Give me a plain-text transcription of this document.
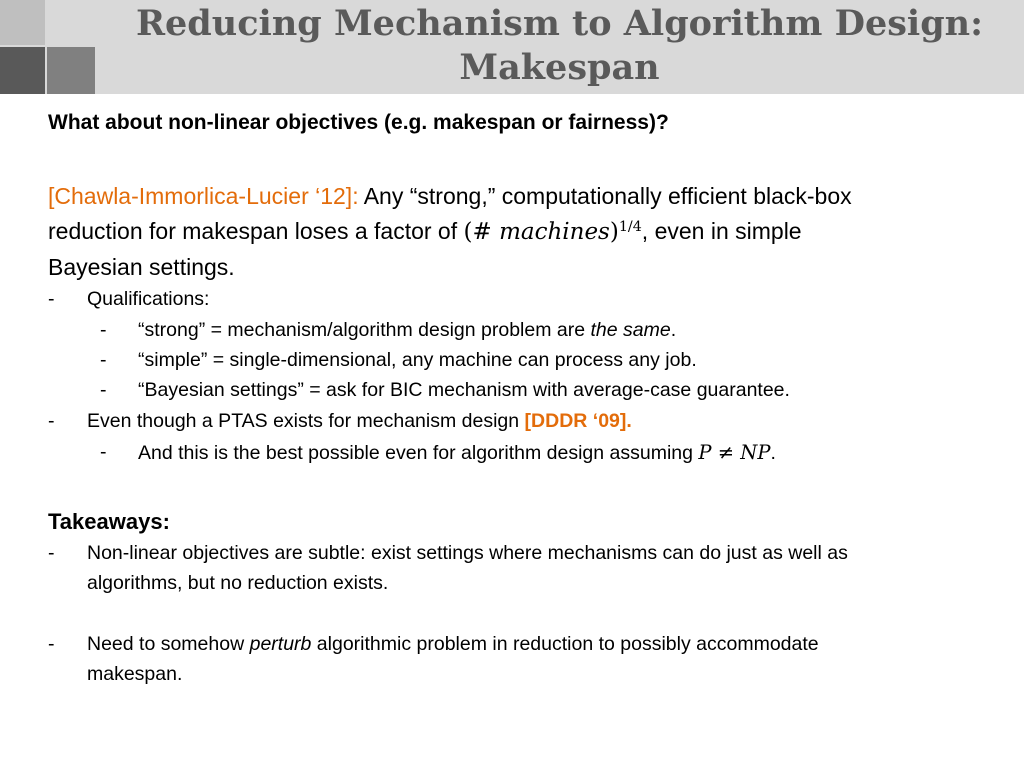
Reducing Mechanism to Algorithm Design:
Makespan
What about non-linear objectives (e.g. makespan or fairness)?
[Chawla-Immorlica-Lucier ‘12]: Any “strong,” computationally efficient black-box
reduction for makespan loses a factor of (# machines)$^{1/4}$, even in simple
Bayesian settings.
- Qualifications:
- “strong” = mechanism/algorithm design problem are the same.
- “simple” = single-dimensional, any machine can process any job.
- “Bayesian settings” = ask for BIC mechanism with average-case guarantee.
- Even though a PTAS exists for mechanism design [DDDR ‘09].
- And this is the best possible even for algorithm design assuming P ≠ NP.
Takeaways:
- Non-linear objectives are subtle: exist settings where mechanisms can do just as well as
algorithms, but no reduction exists.
- Need to somehow perturb algorithmic problem in reduction to possibly accommodate
makespan.
